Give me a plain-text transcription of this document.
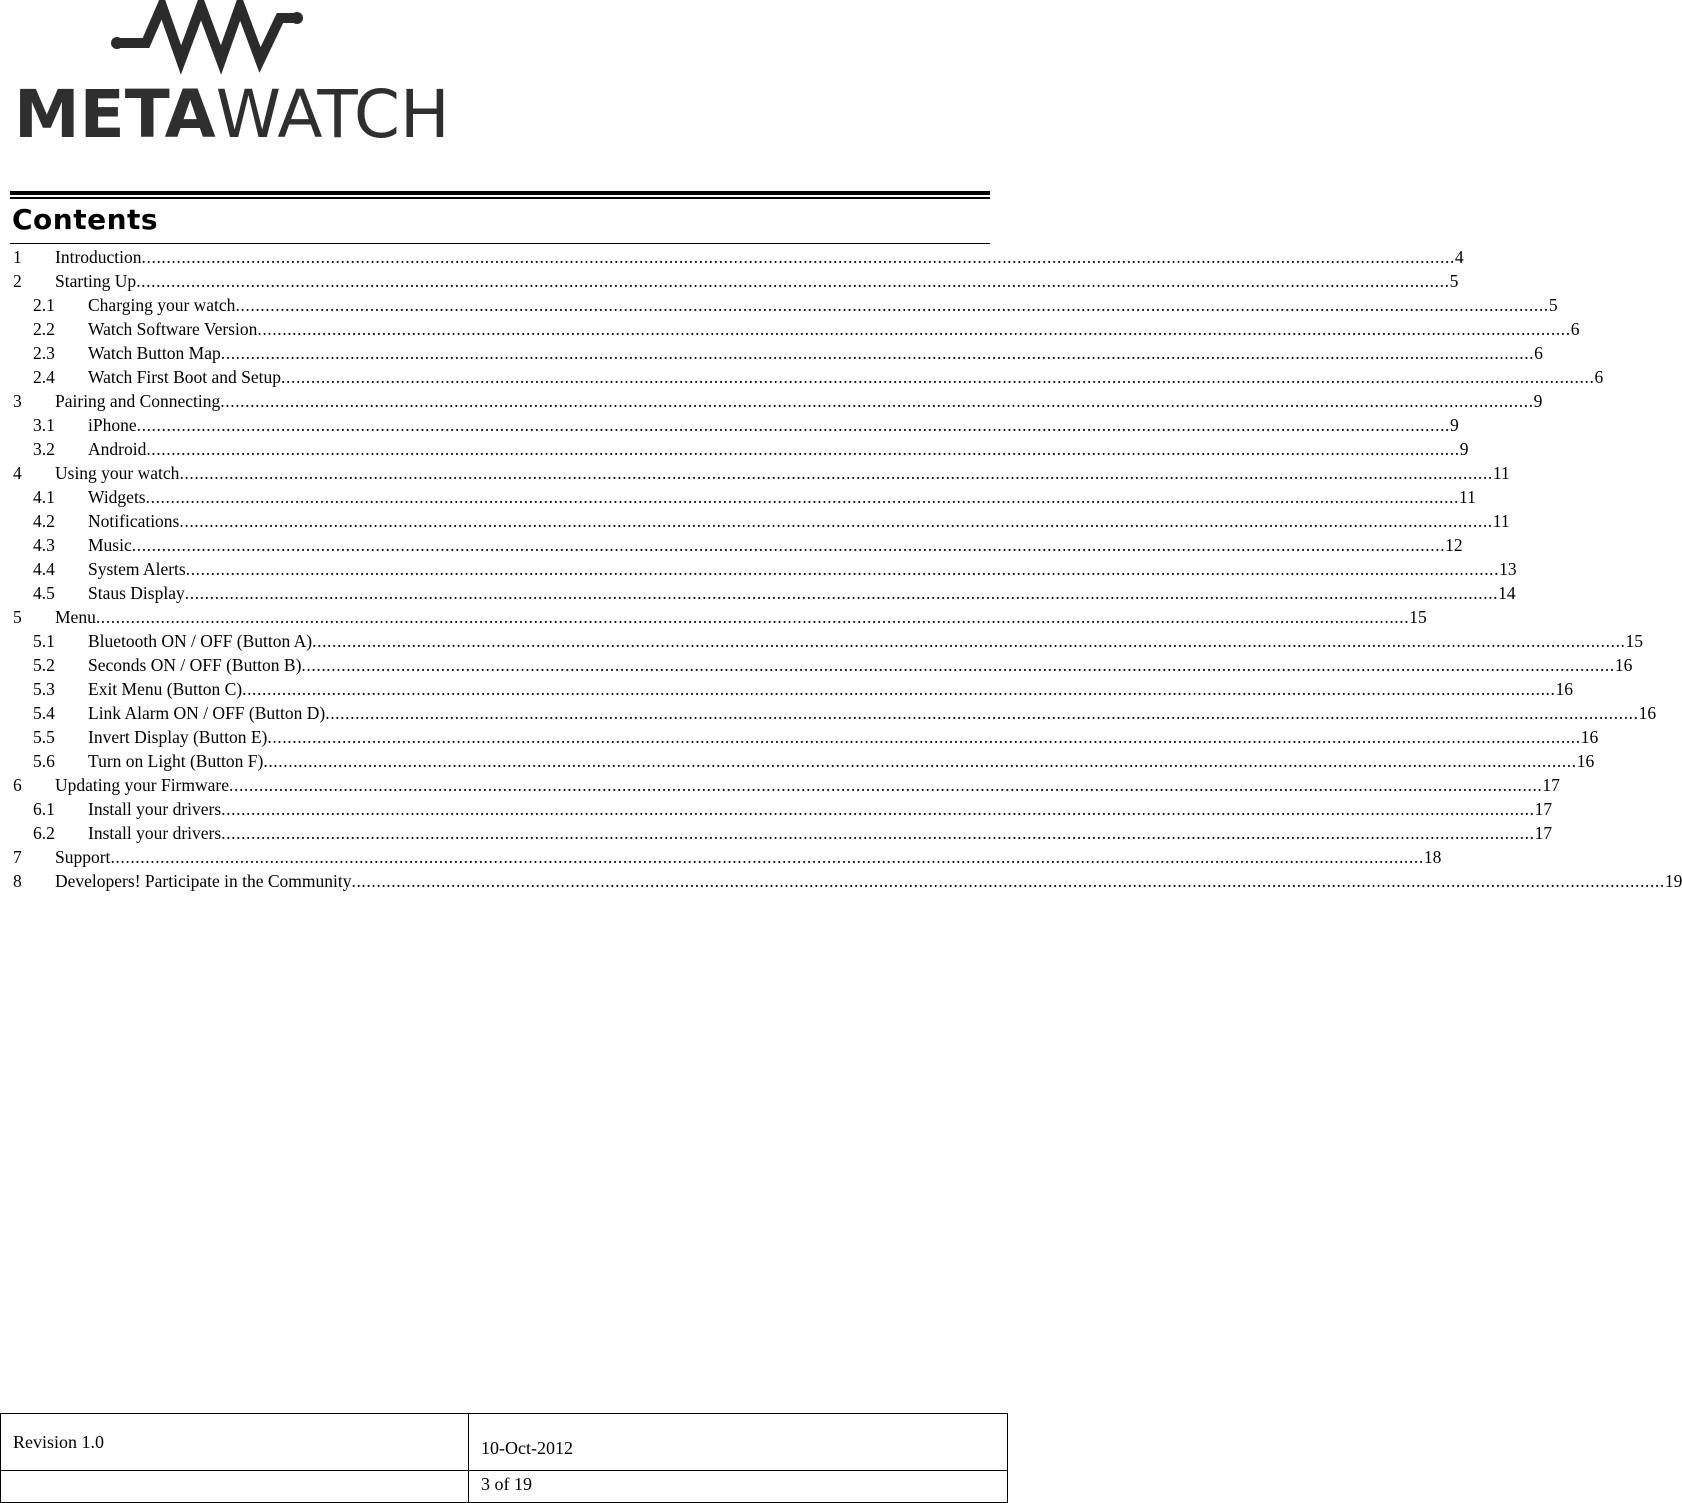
METAWATCH
Contents
1	Introduction .....	4
2	Starting Up .....	5
2.1	Charging your watch .....	5
2.2	Watch Software Version .....	6
2.3	Watch Button Map .....	6
2.4	Watch First Boot and Setup .....	6
3	Pairing and Connecting .....	9
3.1	iPhone .....	9
3.2	Android .....	9
4	Using your watch .....	11
4.1	Widgets .....	11
4.2	Notifications .....	11
4.3	Music .....	12
4.4	System Alerts .....	13
4.5	Staus Display .....	14
5	Menu .....	15
5.1	Bluetooth ON / OFF (Button A) .....	15
5.2	Seconds ON / OFF (Button B) .....	16
5.3	Exit Menu (Button C) .....	16
5.4	Link Alarm ON / OFF (Button D) .....	16
5.5	Invert Display (Button E) .....	16
5.6	Turn on Light (Button F) .....	16
6	Updating your Firmware .....	17
6.1	Install your drivers .....	17
6.2	Install your drivers .....	17
7	Support .....	18
8	Developers! Participate in the Community .....	19
Revision 1.0	10-Oct-2012
3 of 19
